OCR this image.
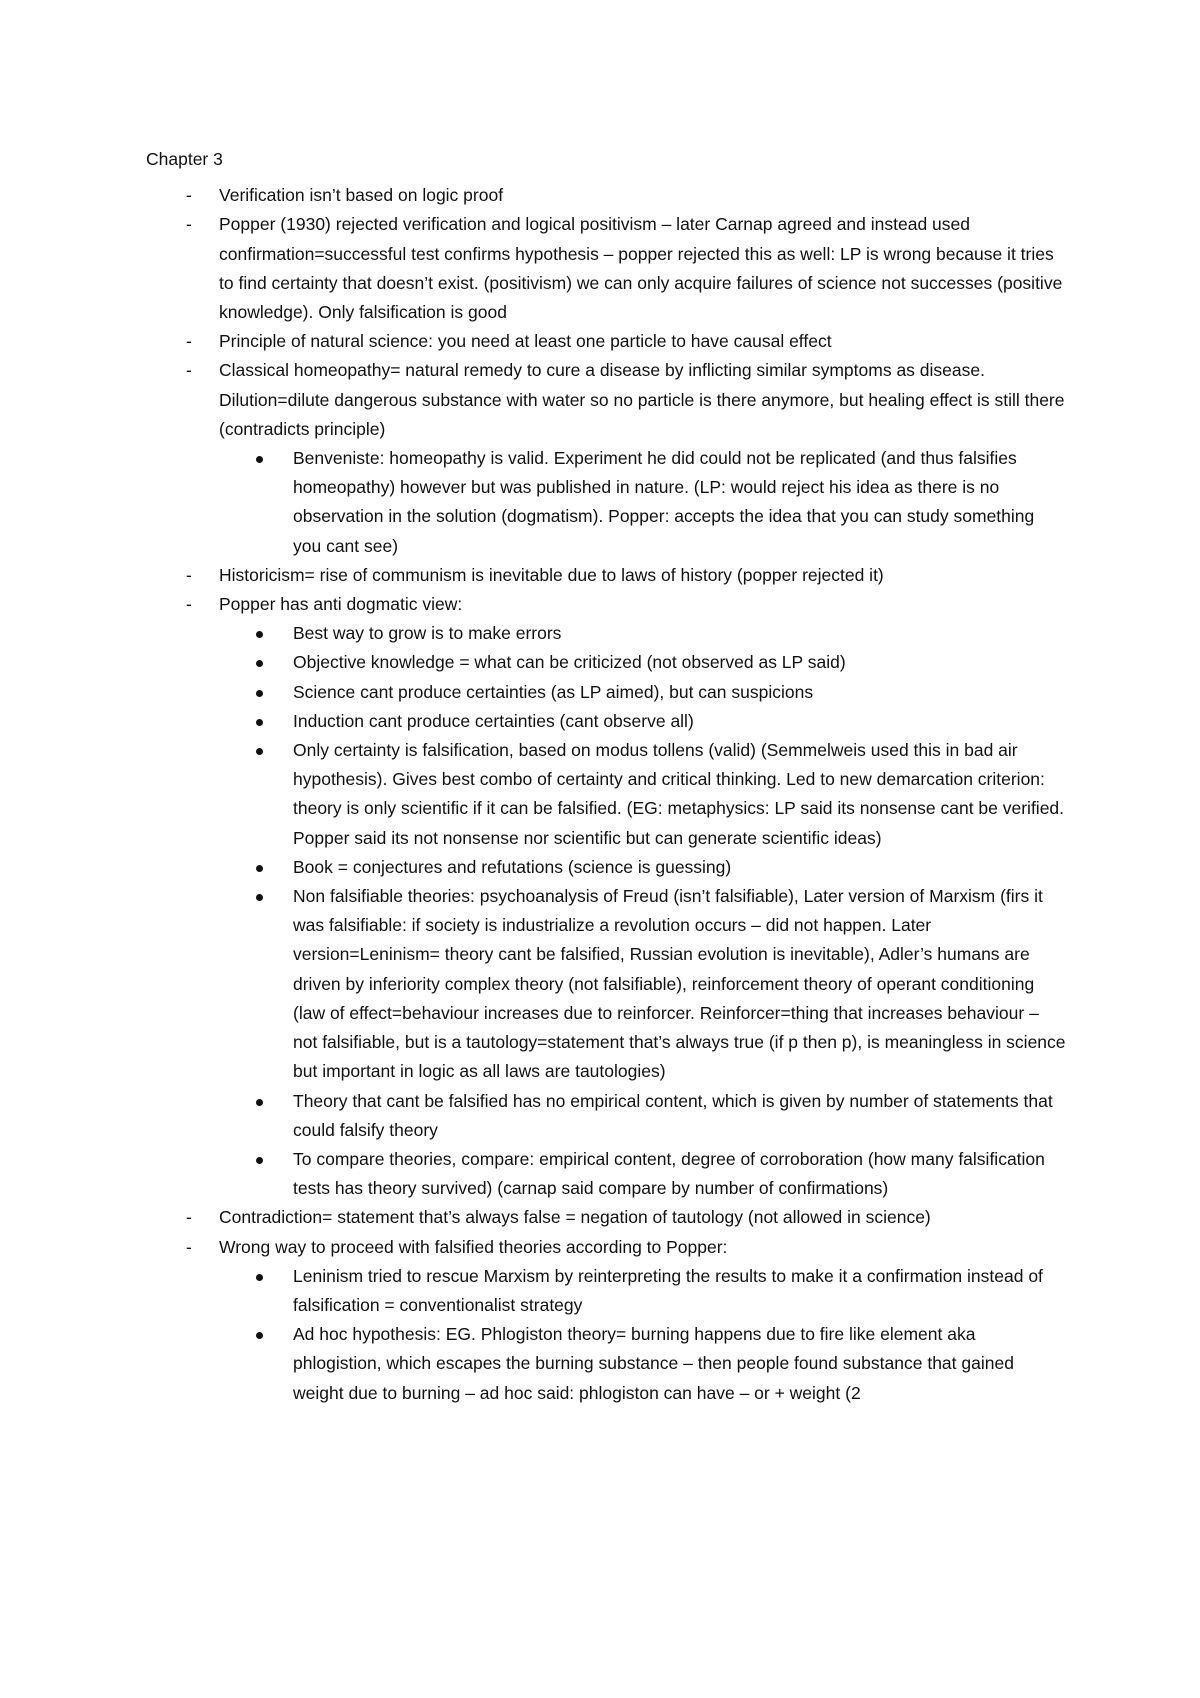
Chapter 3
- Verification isn’t based on logic proof
- Popper (1930) rejected verification and logical positivism – later Carnap agreed and instead used confirmation=successful test confirms hypothesis – popper rejected this as well: LP is wrong because it tries to find certainty that doesn’t exist. (positivism) we can only acquire failures of science not successes (positive knowledge). Only falsification is good
- Principle of natural science: you need at least one particle to have causal effect
- Classical homeopathy= natural remedy to cure a disease by inflicting similar symptoms as disease. Dilution=dilute dangerous substance with water so no particle is there anymore, but healing effect is still there (contradicts principle)
Benveniste: homeopathy is valid. Experiment he did could not be replicated (and thus falsifies homeopathy) however but was published in nature. (LP: would reject his idea as there is no observation in the solution (dogmatism). Popper: accepts the idea that you can study something you cant see)
- Historicism= rise of communism is inevitable due to laws of history (popper rejected it)
- Popper has anti dogmatic view:
Best way to grow is to make errors
Objective knowledge = what can be criticized (not observed as LP said)
Science cant produce certainties (as LP aimed), but can suspicions
Induction cant produce certainties (cant observe all)
Only certainty is falsification, based on modus tollens (valid) (Semmelweis used this in bad air hypothesis). Gives best combo of certainty and critical thinking. Led to new demarcation criterion: theory is only scientific if it can be falsified. (EG: metaphysics: LP said its nonsense cant be verified. Popper said its not nonsense nor scientific but can generate scientific ideas)
Book = conjectures and refutations (science is guessing)
Non falsifiable theories: psychoanalysis of Freud (isn’t falsifiable), Later version of Marxism (firs it was falsifiable: if society is industrialize a revolution occurs – did not happen. Later version=Leninism= theory cant be falsified, Russian evolution is inevitable), Adler’s humans are driven by inferiority complex theory (not falsifiable), reinforcement theory of operant conditioning (law of effect=behaviour increases due to reinforcer. Reinforcer=thing that increases behaviour – not falsifiable, but is a tautology=statement that’s always true (if p then p), is meaningless in science but important in logic as all laws are tautologies)
Theory that cant be falsified has no empirical content, which is given by number of statements that could falsify theory
To compare theories, compare: empirical content, degree of corroboration (how many falsification tests has theory survived) (carnap said compare by number of confirmations)
- Contradiction= statement that’s always false = negation of tautology (not allowed in science)
- Wrong way to proceed with falsified theories according to Popper:
Leninism tried to rescue Marxism by reinterpreting the results to make it a confirmation instead of falsification = conventionalist strategy
Ad hoc hypothesis: EG. Phlogiston theory= burning happens due to fire like element aka phlogistion, which escapes the burning substance – then people found substance that gained weight due to burning – ad hoc said: phlogiston can have – or + weight (2
